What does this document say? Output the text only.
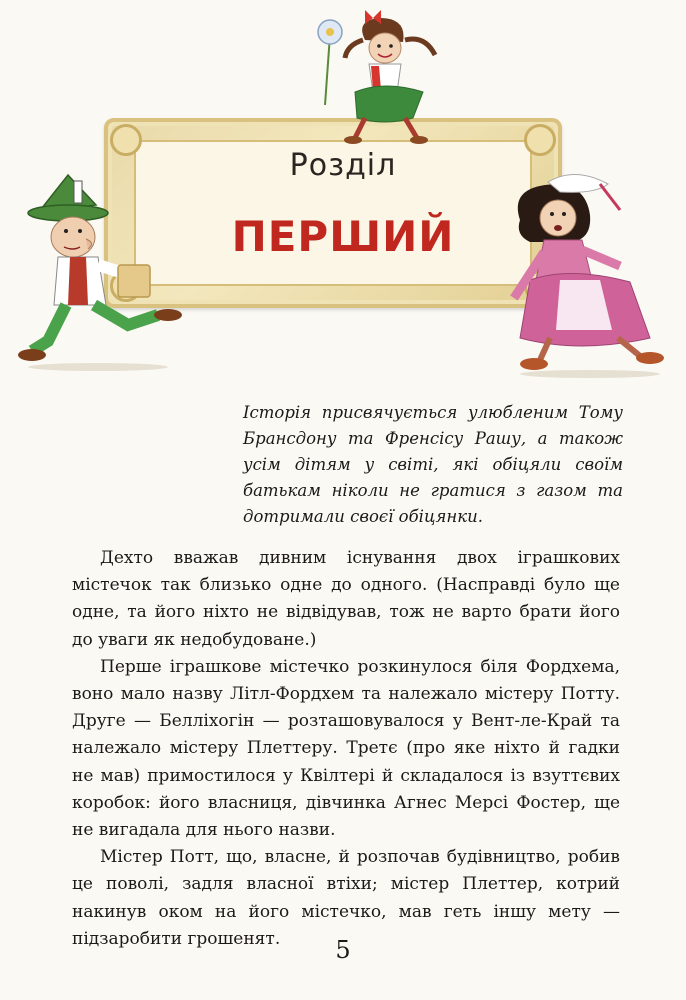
Розділ
ПЕРШИЙ
Історія присвячується улюбленим Тому Брансдону та Френсісу Рашу, а також усім дітям у світі, які обіцяли своїм батькам ніколи не гратися з газом та дотримали своєї обіцянки.

Дехто вважав дивним існування двох іграшкових містечок так близько одне до одного. (Насправді було ще одне, та його ніхто не відвідував, тож не варто брати його до уваги як недобудоване.)

Перше іграшкове містечко розкинулося біля Фордхема, воно мало назву Літл-Фордхем та належало містеру Потту. Друге — Белліхогін — розташовувалося у Вент-ле-Край та належало містеру Плеттеру. Третє (про яке ніхто й гадки не мав) примостилося у Квілтері й складалося із взуттєвих коробок: його власниця, дівчинка Агнес Мерсі Фостер, ще не вигадала для нього назви.

Містер Потт, що, власне, й розпочав будівництво, робив це поволі, задля власної втіхи; містер Плеттер, котрий накинув оком на його містечко, мав геть іншу мету — підзаробити грошенят.	5
